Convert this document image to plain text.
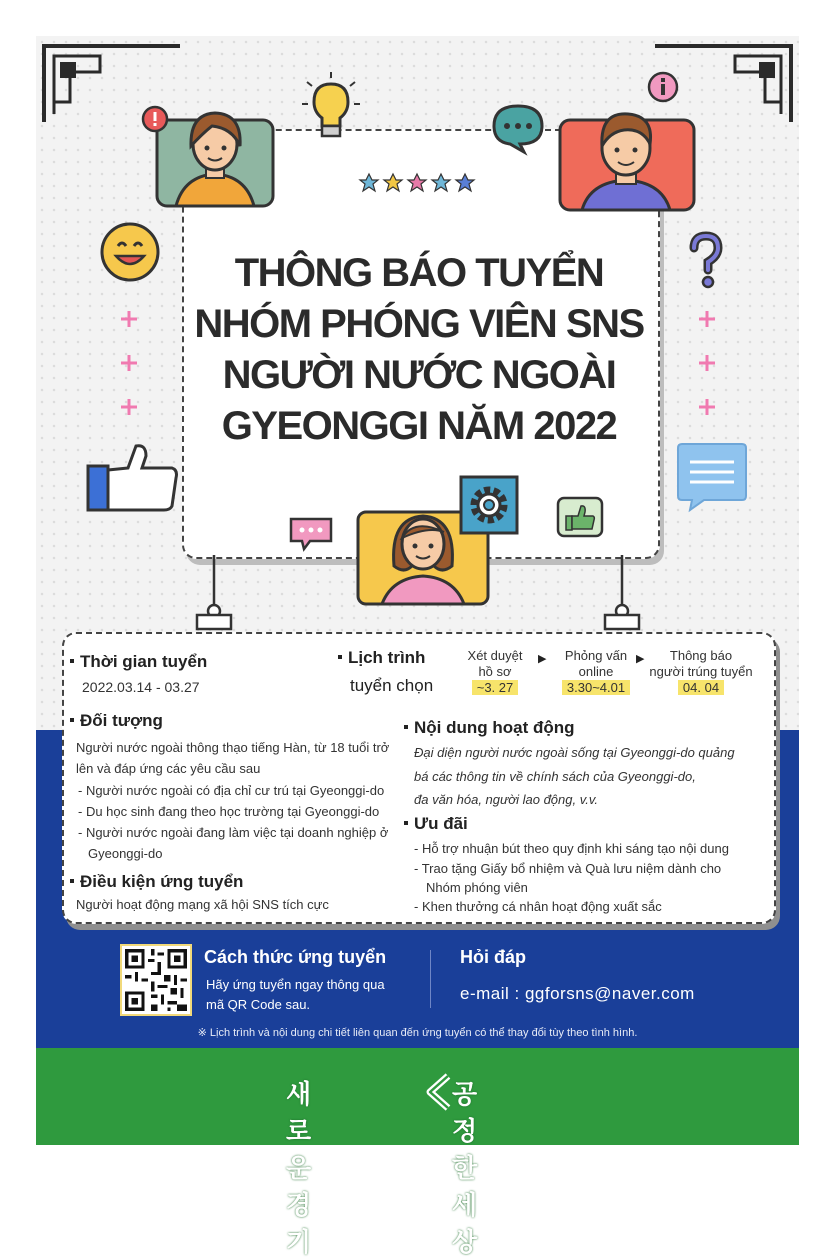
THÔNG BÁO TUYỂN
NHÓM PHÓNG VIÊN SNS
NGƯỜI NƯỚC NGOÀI
GYEONGGI NĂM 2022
Thời gian tuyển
2022.03.14 - 03.27
Lịch trình
tuyển chọn
Xét duyệt
hồ sơ
~3. 27
▶	Phỏng vấn
online
3.30~4.01
▶	Thông báo
người trúng tuyển
04. 04
Đối tượng
Người nước ngoài thông thạo tiếng Hàn, từ 18 tuổi trở
lên và đáp ứng các yêu cầu sau
- Người nước ngoài có địa chỉ cư trú tại Gyeonggi-do
- Du học sinh đang theo học trường tại Gyeonggi-do
- Người nước ngoài đang làm việc tại doanh nghiệp ở
Gyeonggi-do
Điều kiện ứng tuyển
Người hoạt động mạng xã hội SNS tích cực
Nội dung hoạt động
Đại diện người nước ngoài sống tại Gyeonggi-do quảng
bá các thông tin về chính sách của Gyeonggi-do,
đa văn hóa, người lao động, v.v.
Ưu đãi
- Hỗ trợ nhuận bút theo quy định khi sáng tạo nội dung
- Trao tặng Giấy bổ nhiệm và Quà lưu niệm dành cho
Nhóm phóng viên
- Khen thưởng cá nhân hoạt động xuất sắc
Cách thức ứng tuyển
Hãy ứng tuyển ngay thông qua
mã QR Code sau.
Hỏi đáp
e-mail : ggforsns@naver.com
※ Lịch trình và nội dung chi tiết liên quan đến ứng tuyển có thể thay đổi tùy theo tình hình.
새로운 경기
공정한 세상
